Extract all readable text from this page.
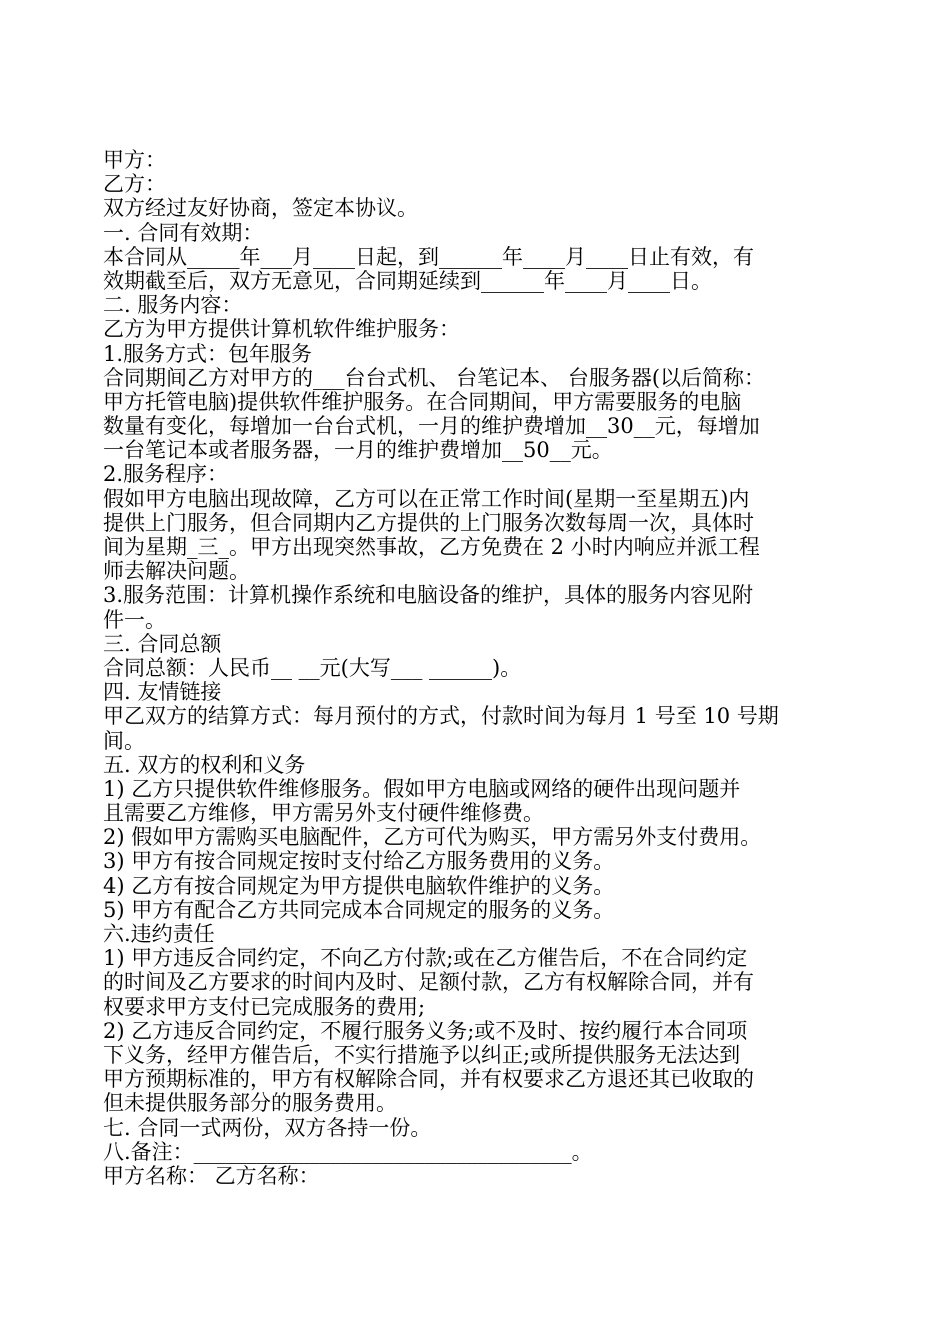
甲方：
乙方：
双方经过友好协商，签定本协议。
一. 合同有效期：
本合同从_____年___月____日起，到______年____月____日止有效，有
效期截至后，双方无意见，合同期延续到______年____月____日。
二. 服务内容：
乙方为甲方提供计算机软件维护服务：
1.服务方式：包年服务
合同期间乙方对甲方的___台台式机、 台笔记本、 台服务器(以后简称：
甲方托管电脑)提供软件维护服务。在合同期间，甲方需要服务的电脑
数量有变化，每增加一台台式机，一月的维护费增加__30__元，每增加
一台笔记本或者服务器，一月的维护费增加__50__元。
2.服务程序：
假如甲方电脑出现故障，乙方可以在正常工作时间(星期一至星期五)内
提供上门服务，但合同期内乙方提供的上门服务次数每周一次，具体时
间为星期_三_。甲方出现突然事故，乙方免费在 2 小时内响应并派工程
师去解决问题。
3.服务范围：计算机操作系统和电脑设备的维护，具体的服务内容见附
件一。
三. 合同总额
合同总额：人民币__ __元(大写___ ______)。
四. 友情链接
甲乙双方的结算方式：每月预付的方式，付款时间为每月 1 号至 10 号期
间。
五. 双方的权利和义务
1) 乙方只提供软件维修服务。假如甲方电脑或网络的硬件出现问题并
且需要乙方维修，甲方需另外支付硬件维修费。
2) 假如甲方需购买电脑配件，乙方可代为购买，甲方需另外支付费用。
3) 甲方有按合同规定按时支付给乙方服务费用的义务。
4) 乙方有按合同规定为甲方提供电脑软件维护的义务。
5) 甲方有配合乙方共同完成本合同规定的服务的义务。
六.违约责任
1) 甲方违反合同约定，不向乙方付款;或在乙方催告后，不在合同约定
的时间及乙方要求的时间内及时、足额付款，乙方有权解除合同，并有
权要求甲方支付已完成服务的费用;
2) 乙方违反合同约定，不履行服务义务;或不及时、按约履行本合同项
下义务，经甲方催告后，不实行措施予以纠正;或所提供服务无法达到
甲方预期标准的，甲方有权解除合同，并有权要求乙方退还其已收取的
但未提供服务部分的服务费用。
七. 合同一式两份，双方各持一份。
八.备注：____________________________________。
甲方名称： 乙方名称：
